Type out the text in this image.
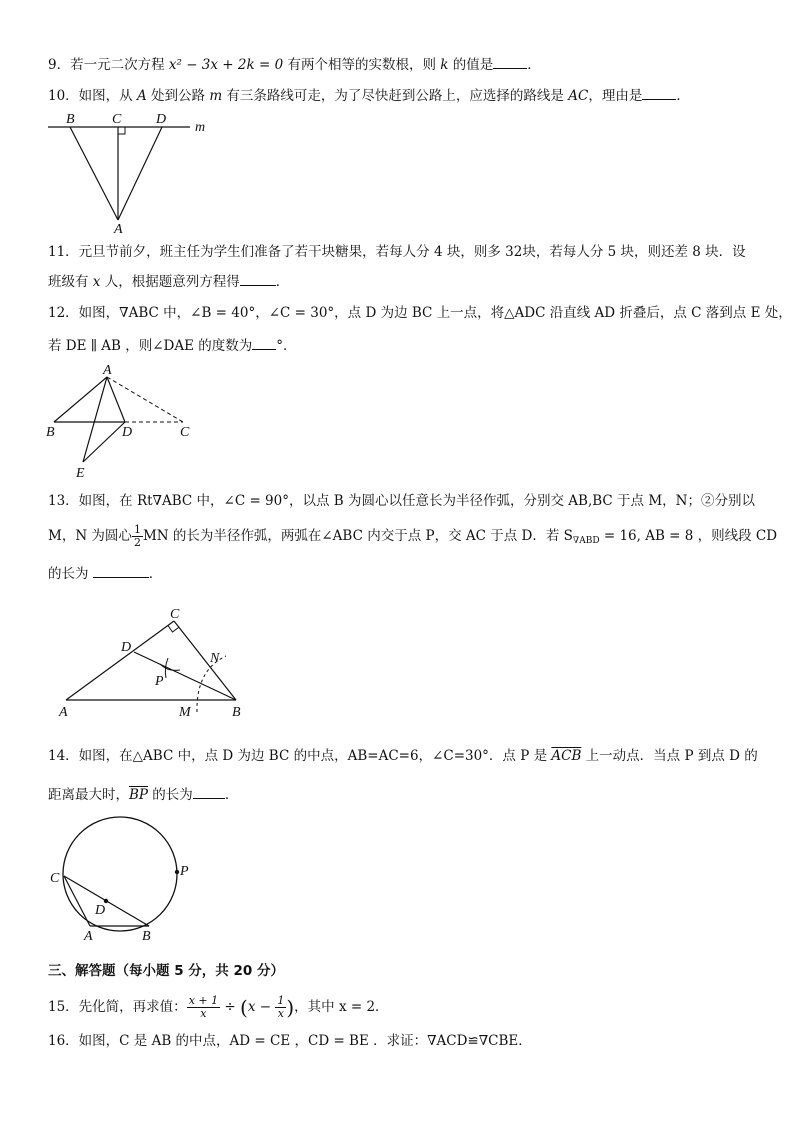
9．若一元二次方程 x² − 3x + 2k = 0 有两个相等的实数根，则 k 的值是	．
10．如图，从 A 处到公路 m 有三条路线可走，为了尽快赶到公路上，应选择的路线是 AC，理由是	．
B	C D
m
A
11．元旦节前夕，班主任为学生们准备了若干块糖果，若每人分 4 块，则多 32块，若每人分 5 块，则还差 8 块．设
班级有 x 人，根据题意列方程得	．
12．如图，∇ABC 中，∠B = 40°，∠C = 30°，点 D 为边 BC 上一点，将△ADC 沿直线 AD 折叠后，点 C 落到点 E 处，
若 DE ∥ AB ，则∠DAE 的度数为 °．
A
B	D	C
E
13．如图，在 Rt∇ABC 中，∠C = 90°，以点 B 为圆心以任意长为半径作弧，分别交 AB,BC 于点 M，N；②分别以
M，N 为圆心 $\frac{1}{2}$ MN 的长为半径作弧，两弧在∠ABC 内交于点 P，交 AC 于点 D．若 $S_{\nabla ABD} = 16$, AB = 8 ，则线段 CD
的长为	．
C
D
N
P
A	M	B
14．如图，在△ABC 中，点 D 为边 BC 的中点，AB=AC=6，∠C=30°．点 P 是 $\overline{ACB}$ 上一动点．当点 P 到点 D 的
距离最大时，$\overline{BP}$ 的长为 ．
C	P
D
A	B
三、解答题（每小题 5 分，共 20 分）
15．先化简，再求值： $\frac{x + 1}{x} \div (x - \frac{1}{x}$ )，其中 x = 2．
16．如图，C 是 AB 的中点，AD = CE ，CD = BE ．求证：∇ACD≌∇CBE．
